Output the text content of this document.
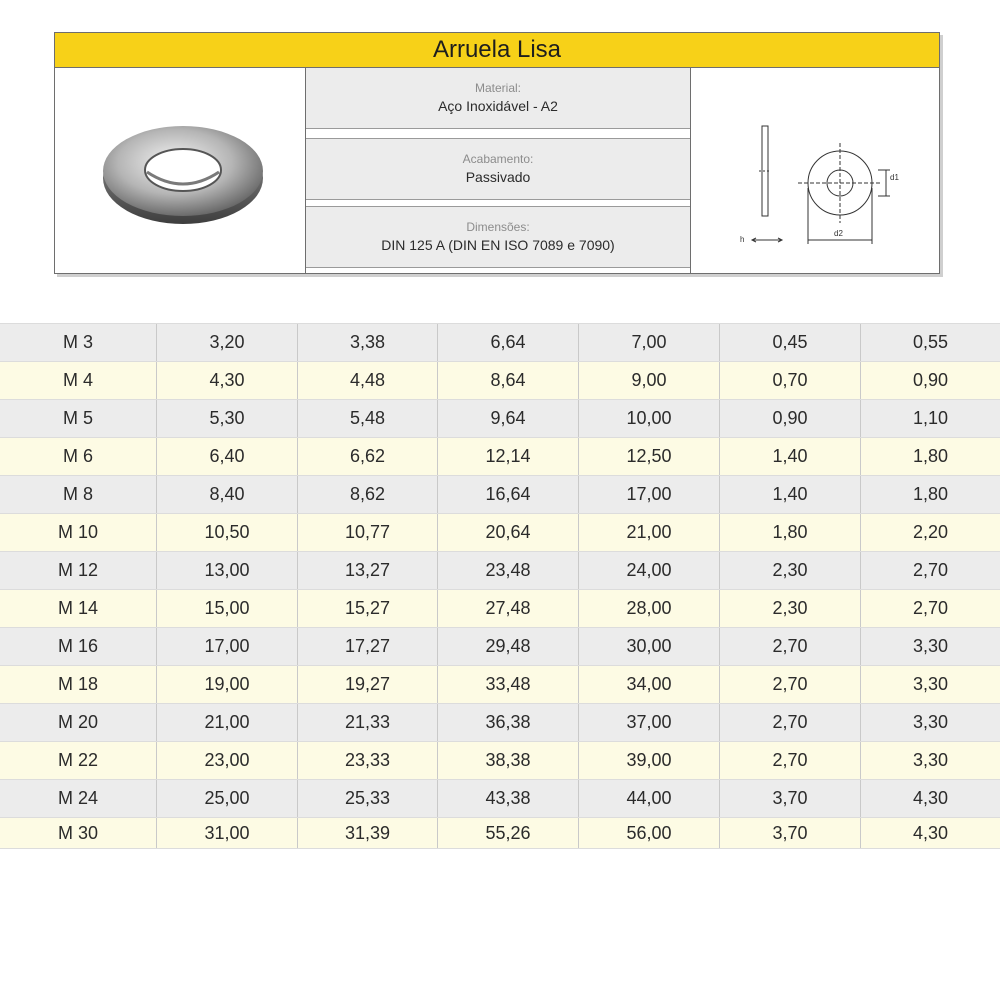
Arruela Lisa
Material:
Aço Inoxidável - A2
Acabamento:
Passivado
Dimensões:
DIN 125 A (DIN EN ISO 7089 e 7090)	h
d2
d1
M 3	3,20	3,38	6,64	7,00	0,45	0,55
M 4	4,30	4,48	8,64	9,00	0,70	0,90
M 5	5,30	5,48	9,64	10,00	0,90	1,10
M 6	6,40	6,62	12,14	12,50	1,40	1,80
M 8	8,40	8,62	16,64	17,00	1,40	1,80
M 10	10,50	10,77	20,64	21,00	1,80	2,20
M 12	13,00	13,27	23,48	24,00	2,30	2,70
M 14	15,00	15,27	27,48	28,00	2,30	2,70
M 16	17,00	17,27	29,48	30,00	2,70	3,30
M 18	19,00	19,27	33,48	34,00	2,70	3,30
M 20	21,00	21,33	36,38	37,00	2,70	3,30
M 22	23,00	23,33	38,38	39,00	2,70	3,30
M 24	25,00	25,33	43,38	44,00	3,70	4,30
M 30	31,00	31,39	55,26	56,00	3,70	4,30
